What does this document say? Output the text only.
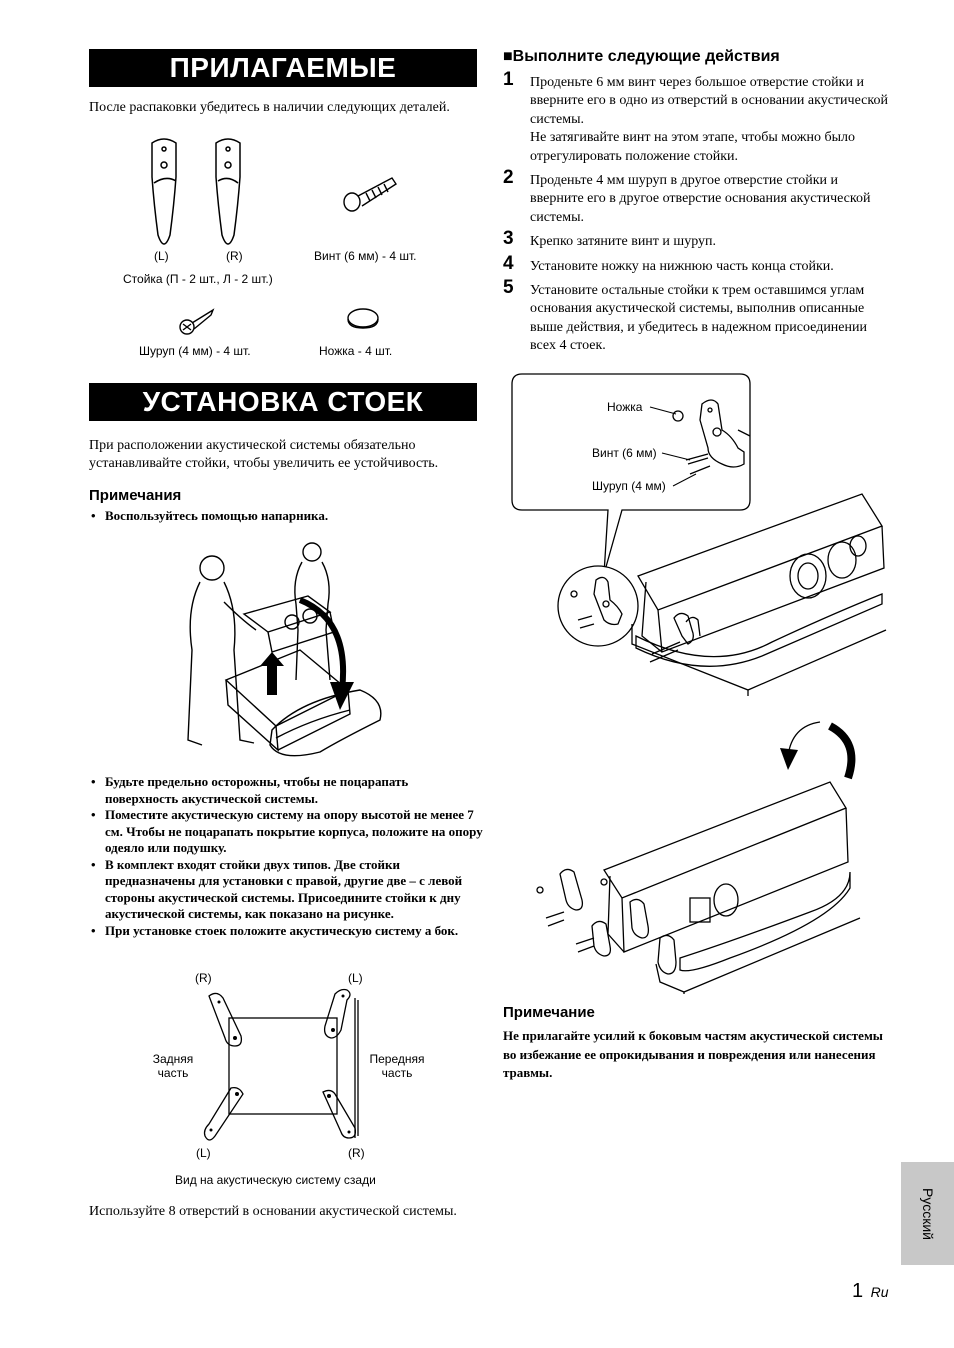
ПРИЛАГАЕМЫЕ
После распаковки убедитесь в наличии следующих деталей.
(L)	(R)
Стойка (П - 2 шт., Л - 2 шт.)
Винт (6 мм) - 4 шт.
Шуруп (4 мм) - 4 шт.	Ножка - 4 шт.
УСТАНОВКА СТОЕК
При расположении акустической системы обязательно устанавливайте стойки, чтобы увеличить ее устойчивость.
Примечания
• Воспользуйтесь помощью напарника.
• Будьте предельно осторожны, чтобы не поцарапать поверхность акустической системы.
• Поместите акустическую систему на опору высотой не менее 7 см. Чтобы не поцарапать покрытие корпуса, положите на опору одеяло или подушку.
• В комплект входят стойки двух типов. Две стойки предназначены для установки с правой, другие две – с левой стороны акустической системы. Присоедините стойки к дну акустической системы, как показано на рисунке.
• При установке стоек положите акустическую систему а бок.
(R)	(L)
Задняя часть
Передняя часть
(L)	(R)
Вид на акустическую систему сзади
Используйте 8 отверстий в основании акустической системы.
■Выполните следующие действия
1 Проденьте 6 мм винт через большое отверстие стойки и вверните его в одно из отверстий в основании акустической системы.
Не затягивайте винт на этом этапе, чтобы можно было отрегулировать положение стойки.
2 Проденьте 4 мм шуруп в другое отверстие стойки и вверните его в другое отверстие основания акустической системы.
3 Крепко затяните винт и шуруп.
4 Установите ножку на нижнюю часть конца стойки.
5 Установите остальные стойки к трем оставшимся углам основания акустической системы, выполнив описанные выше действия, и убедитесь в надежном присоединении всех 4 стоек.
Ножка
Винт (6 мм)
Шуруп (4 мм)
Примечание
Не прилагайте усилий к боковым частям акустической системы во избежание ее опрокидывания и повреждения или нанесения травмы.
Русский
1 Ru
